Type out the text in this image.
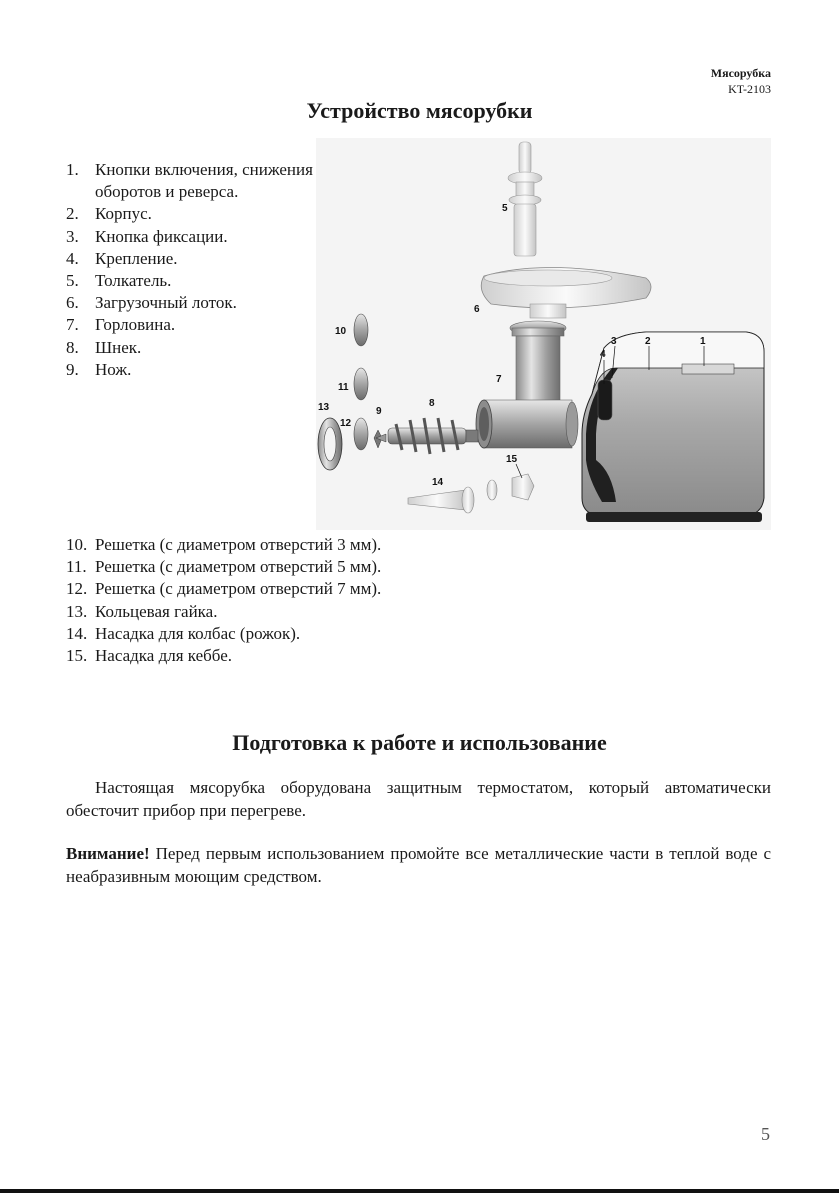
Мясорубка
KT-2103
Устройство мясорубки
1. Кнопки включения, снижения оборотов и реверса.
2. Корпус.
3. Кнопка фиксации.
4. Крепление.
5. Толкатель.
6. Загрузочный лоток.
7. Горловина.
8. Шнек.
9. Нож.
1
2
3
4
5
6
7
8
9
10
11
12
13
14
15
10. Решетка (с диаметром отверстий 3 мм).
11. Решетка (с диаметром отверстий 5 мм).
12. Решетка (с диаметром отверстий 7 мм).
13. Кольцевая гайка.
14. Насадка для колбас (рожок).
15. Насадка для кеббе.
Подготовка к работе и использование

Настоящая мясорубка оборудована защитным термостатом, который автоматически обесточит прибор при перегреве.

Внимание! Перед первым использованием промойте все металлические части в теплой воде с неабразивным моющим средством.

5
